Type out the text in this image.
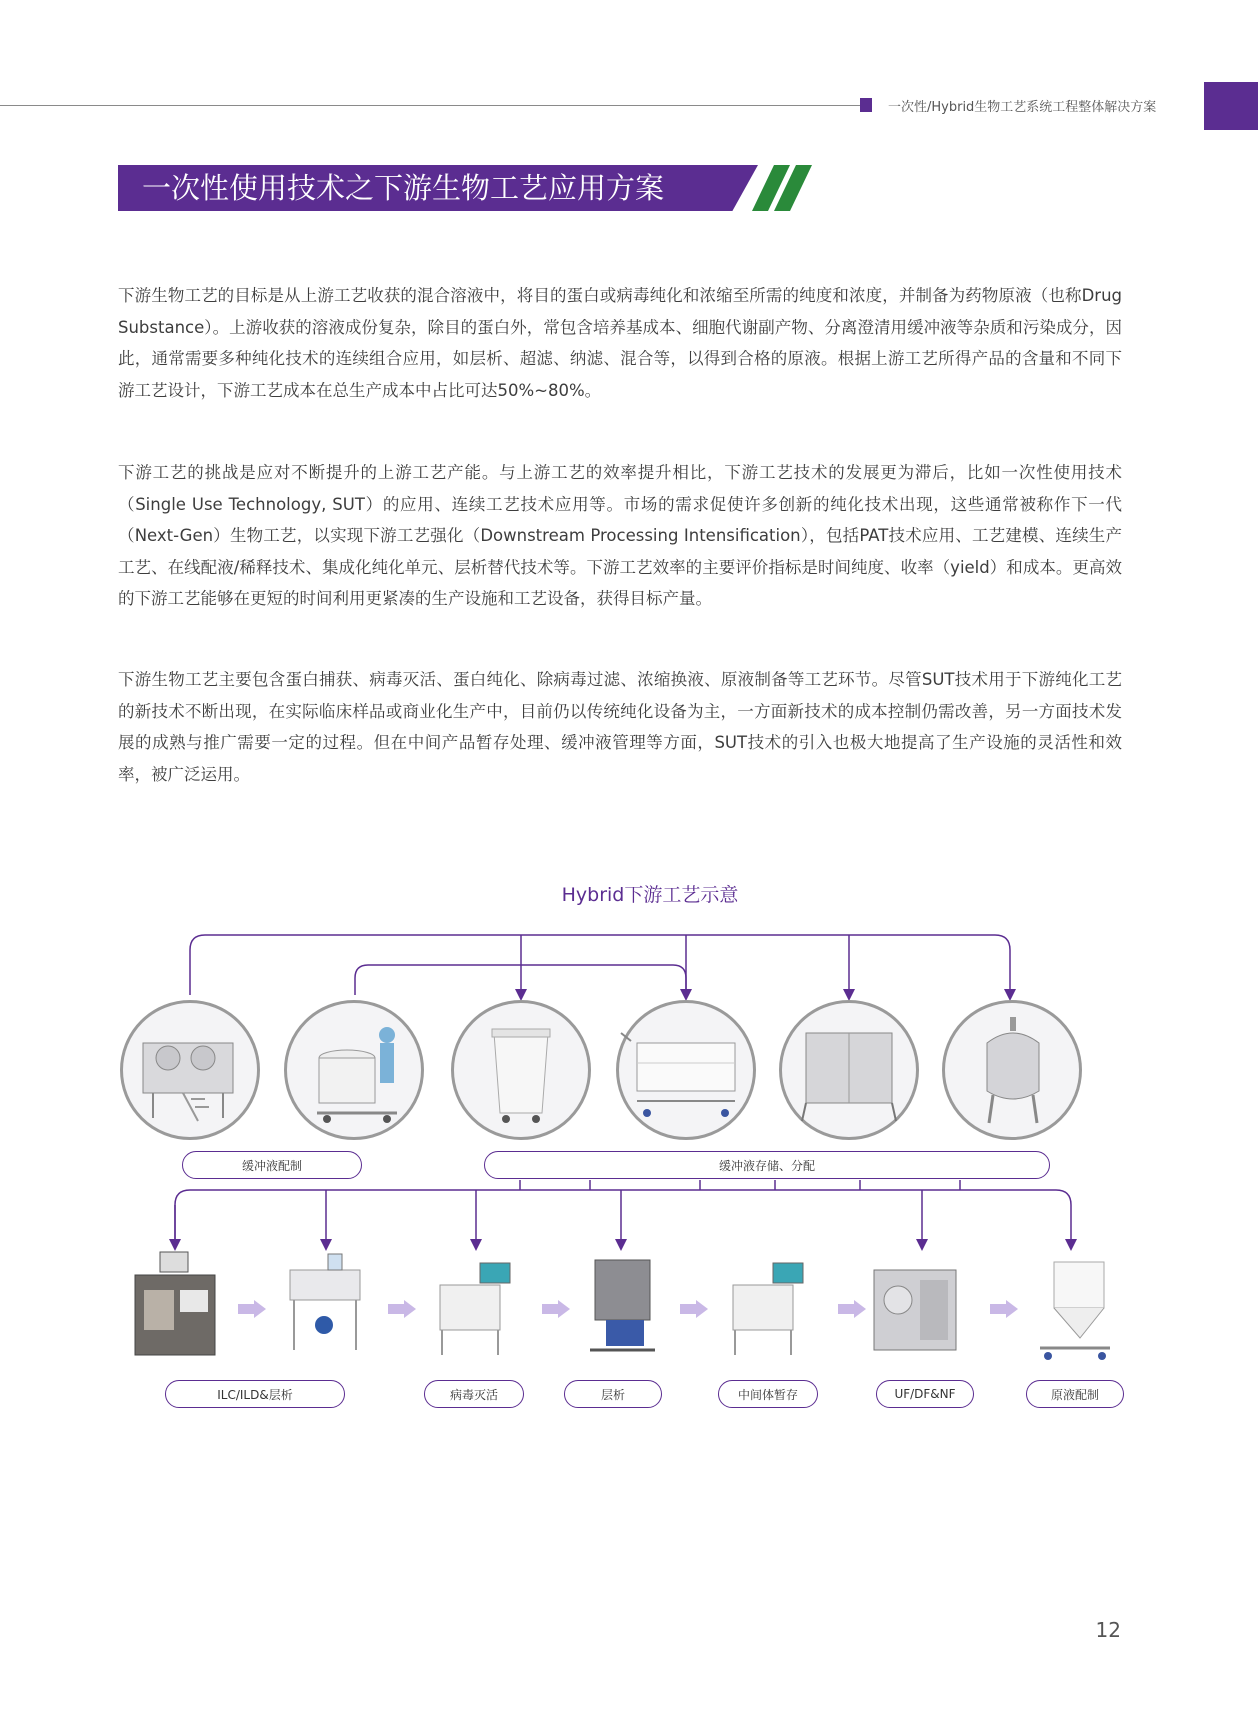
一次性/Hybrid生物工艺系统工程整体解决方案
一次性使用技术之下游生物工艺应用方案

下游生物工艺的目标是从上游工艺收获的混合溶液中，将目的蛋白或病毒纯化和浓缩至所需的纯度和浓度，并制备为药物原液（也称Drug Substance）。上游收获的溶液成份复杂，除目的蛋白外，常包含培养基成本、细胞代谢副产物、分离澄清用缓冲液等杂质和污染成分，因此，通常需要多种纯化技术的连续组合应用，如层析、超滤、纳滤、混合等，以得到合格的原液。根据上游工艺所得产品的含量和不同下游工艺设计，下游工艺成本在总生产成本中占比可达50%~80%。

下游工艺的挑战是应对不断提升的上游工艺产能。与上游工艺的效率提升相比，下游工艺技术的发展更为滞后，比如一次性使用技术（Single Use Technology, SUT）的应用、连续工艺技术应用等。市场的需求促使许多创新的纯化技术出现，这些通常被称作下一代（Next-Gen）生物工艺，以实现下游工艺强化（Downstream Processing Intensification），包括PAT技术应用、工艺建模、连续生产工艺、在线配液/稀释技术、集成化纯化单元、层析替代技术等。下游工艺效率的主要评价指标是时间纯度、收率（yield）和成本。更高效的下游工艺能够在更短的时间利用更紧凑的生产设施和工艺设备，获得目标产量。

下游生物工艺主要包含蛋白捕获、病毒灭活、蛋白纯化、除病毒过滤、浓缩换液、原液制备等工艺环节。尽管SUT技术用于下游纯化工艺的新技术不断出现，在实际临床样品或商业化生产中，目前仍以传统纯化设备为主，一方面新技术的成本控制仍需改善，另一方面技术发展的成熟与推广需要一定的过程。但在中间产品暂存处理、缓冲液管理等方面，SUT技术的引入也极大地提高了生产设施的灵活性和效率，被广泛运用。

Hybrid下游工艺示意
缓冲液配制	缓冲液存储、分配
ILC/ILD&层析	病毒灭活	层析	中间体暂存	UF/DF&NF	原液配制
12
